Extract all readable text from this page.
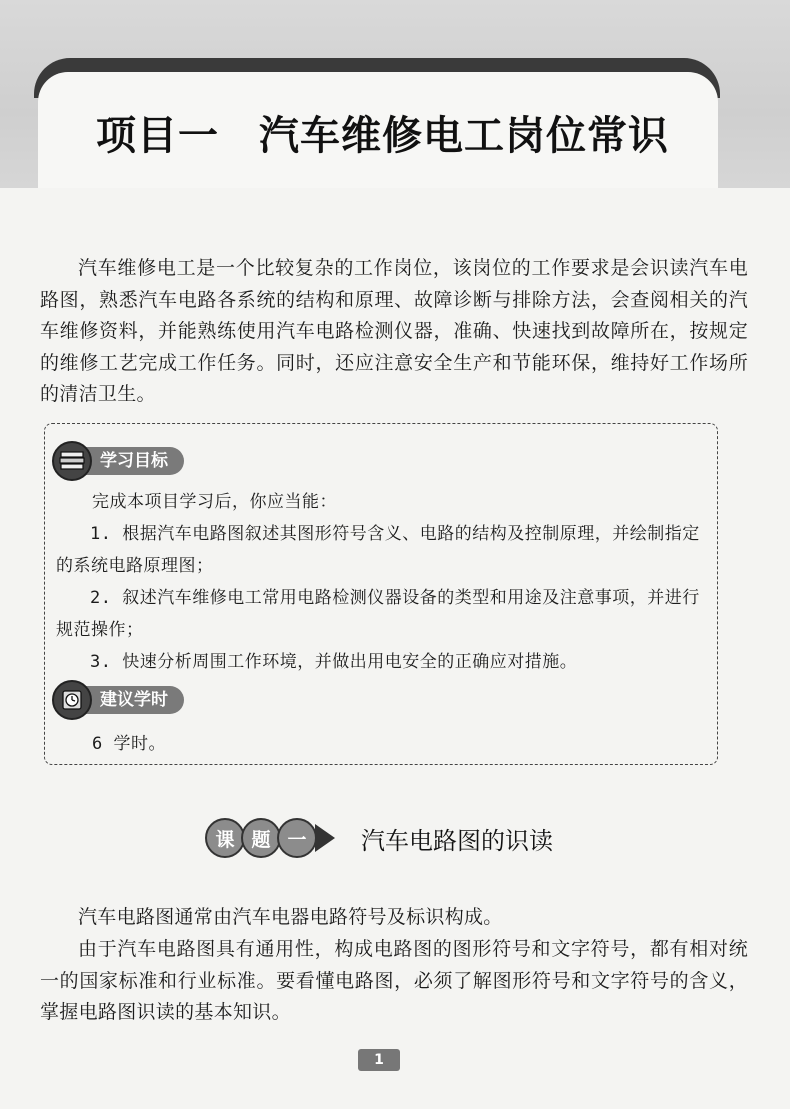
项目一 汽车维修电工岗位常识

汽车维修电工是一个比较复杂的工作岗位，该岗位的工作要求是会识读汽车电路图，熟悉汽车电路各系统的结构和原理、故障诊断与排除方法，会查阅相关的汽车维修资料，并能熟练使用汽车电路检测仪器，准确、快速找到故障所在，按规定的维修工艺完成工作任务。同时，还应注意安全生产和节能环保，维持好工作场所的清洁卫生。

学习目标

完成本项目学习后，你应当能：

1. 根据汽车电路图叙述其图形符号含义、电路的结构及控制原理，并绘制指定的系统电路原理图；

2. 叙述汽车维修电工常用电路检测仪器设备的类型和用途及注意事项，并进行规范操作；

3. 快速分析周围工作环境，并做出用电安全的正确应对措施。

建议学时

6 学时。

课 题 一	汽车电路图的识读

汽车电路图通常由汽车电器电路符号及标识构成。

由于汽车电路图具有通用性，构成电路图的图形符号和文字符号，都有相对统一的国家标准和行业标准。要看懂电路图，必须了解图形符号和文字符号的含义，掌握电路图识读的基本知识。

1
